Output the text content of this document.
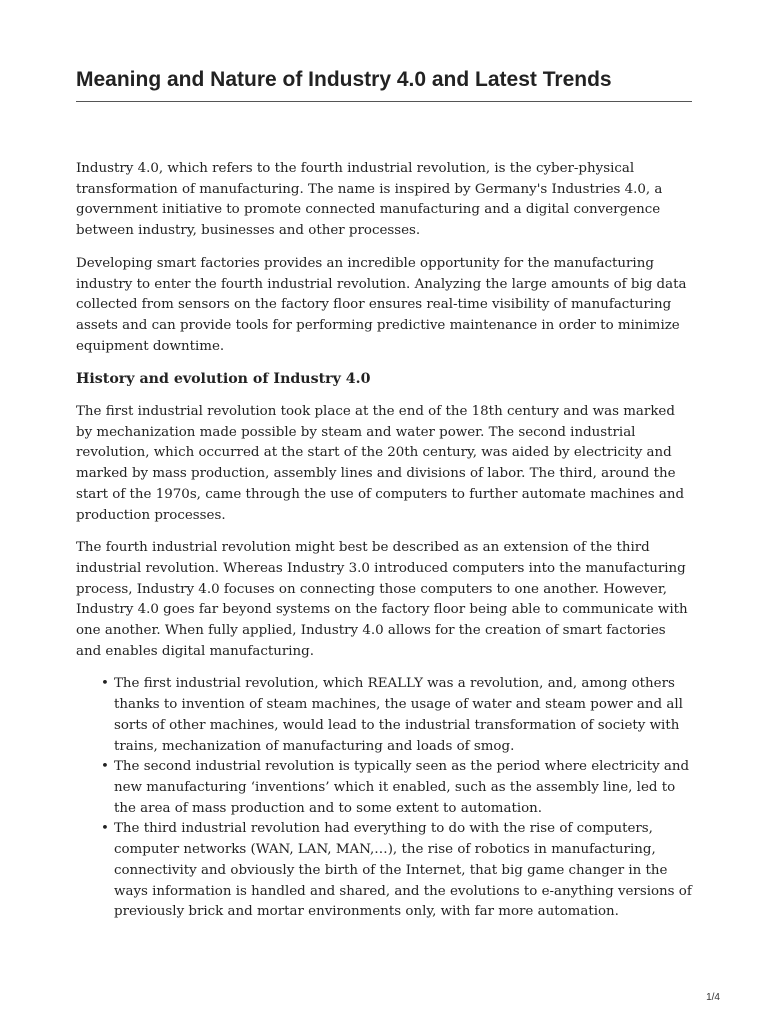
Meaning and Nature of Industry 4.0 and Latest Trends

Industry 4.0, which refers to the fourth industrial revolution, is the cyber-physical transformation of manufacturing. The name is inspired by Germany's Industries 4.0, a government initiative to promote connected manufacturing and a digital convergence between industry, businesses and other processes.

Developing smart factories provides an incredible opportunity for the manufacturing industry to enter the fourth industrial revolution. Analyzing the large amounts of big data collected from sensors on the factory floor ensures real-time visibility of manufacturing assets and can provide tools for performing predictive maintenance in order to minimize equipment downtime.

History and evolution of Industry 4.0

The first industrial revolution took place at the end of the 18th century and was marked by mechanization made possible by steam and water power. The second industrial revolution, which occurred at the start of the 20th century, was aided by electricity and marked by mass production, assembly lines and divisions of labor. The third, around the start of the 1970s, came through the use of computers to further automate machines and production processes.

The fourth industrial revolution might best be described as an extension of the third industrial revolution. Whereas Industry 3.0 introduced computers into the manufacturing process, Industry 4.0 focuses on connecting those computers to one another. However, Industry 4.0 goes far beyond systems on the factory floor being able to communicate with one another. When fully applied, Industry 4.0 allows for the creation of smart factories and enables digital manufacturing.

• The first industrial revolution, which REALLY was a revolution, and, among others thanks to invention of steam machines, the usage of water and steam power and all sorts of other machines, would lead to the industrial transformation of society with trains, mechanization of manufacturing and loads of smog.
• The second industrial revolution is typically seen as the period where electricity and new manufacturing ‘inventions’ which it enabled, such as the assembly line, led to the area of mass production and to some extent to automation.
• The third industrial revolution had everything to do with the rise of computers, computer networks (WAN, LAN, MAN,…), the rise of robotics in manufacturing, connectivity and obviously the birth of the Internet, that big game changer in the ways information is handled and shared, and the evolutions to e-anything versions of previously brick and mortar environments only, with far more automation.
1/4
